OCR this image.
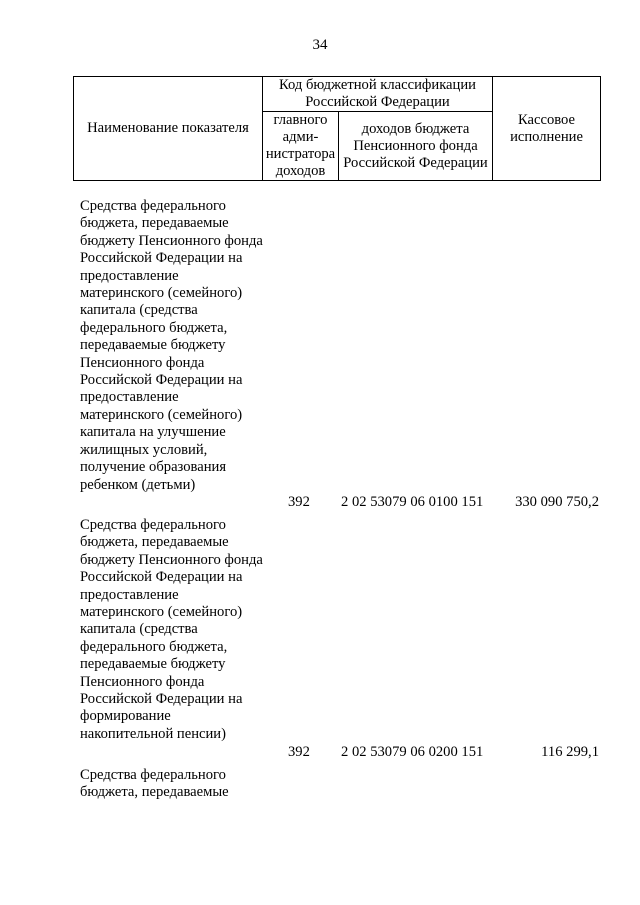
34
Наименование показателя
Код бюджетной классификации Российской Федерации
главного адми-нистратора доходов
доходов бюджета Пенсионного фонда Российской Федерации
Кассовое исполнение
Средства федерального бюджета, передаваемые бюджету Пенсионного фонда Российской Федерации на предоставление материнского (семейного) капитала (средства федерального бюджета, передаваемые бюджету Пенсионного фонда Российской Федерации на предоставление материнского (семейного) капитала на улучшение жилищных условий, получение образования ребенком (детьми)
392 2 02 53079 06 0100 151 330 090 750,2
Средства федерального бюджета, передаваемые бюджету Пенсионного фонда Российской Федерации на предоставление материнского (семейного) капитала (средства федерального бюджета, передаваемые бюджету Пенсионного фонда Российской Федерации на формирование накопительной пенсии)
392 2 02 53079 06 0200 151	116 299,1
Средства федерального бюджета, передаваемые
